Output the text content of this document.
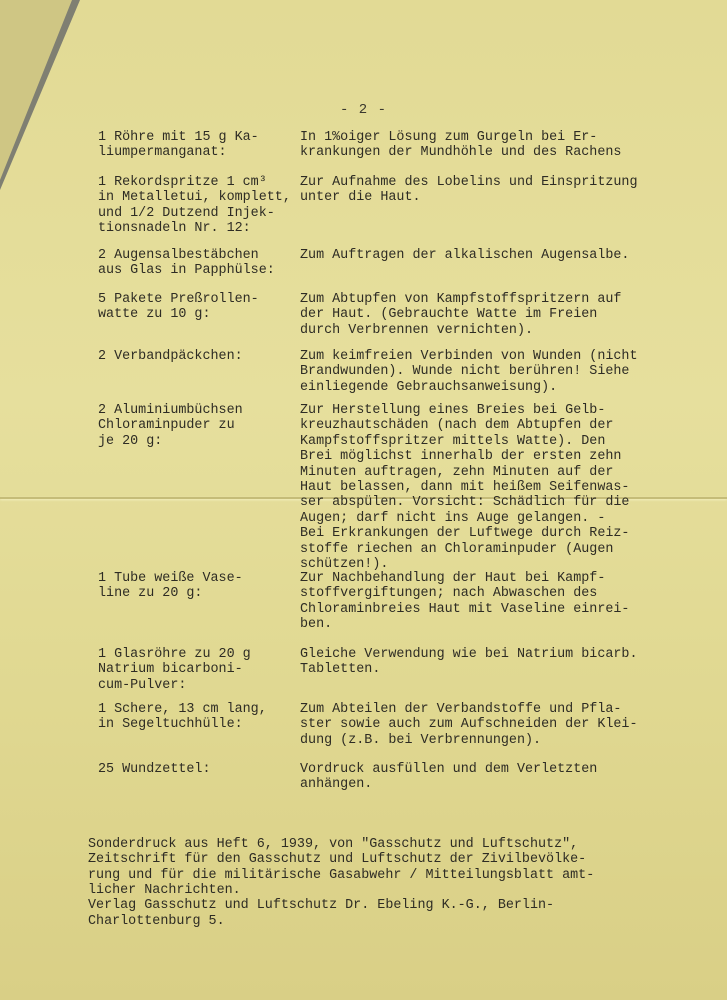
- 2 -
1 Röhre mit 15 g Ka-
liumpermanganat:
In 1%oiger Lösung zum Gurgeln bei Er-
krankungen der Mundhöhle und des Rachens
1 Rekordspritze 1 cm³
in Metalletui, komplett,
und 1/2 Dutzend Injek-
tionsnadeln Nr. 12:
Zur Aufnahme des Lobelins und Einspritzung
unter die Haut.
2 Augensalbestäbchen
aus Glas in Papphülse:
Zum Auftragen der alkalischen Augensalbe.
5 Pakete Preßrollen-
watte zu 10 g:
Zum Abtupfen von Kampfstoffspritzern auf
der Haut. (Gebrauchte Watte im Freien
durch Verbrennen vernichten).
2 Verbandpäckchen:	Zum keimfreien Verbinden von Wunden (nicht
Brandwunden). Wunde nicht berühren! Siehe
einliegende Gebrauchsanweisung).
2 Aluminiumbüchsen
Chloraminpuder zu
je 20 g:
Zur Herstellung eines Breies bei Gelb-
kreuzhautschäden (nach dem Abtupfen der
Kampfstoffspritzer mittels Watte). Den
Brei möglichst innerhalb der ersten zehn
Minuten auftragen, zehn Minuten auf der
Haut belassen, dann mit heißem Seifenwas-
ser abspülen. Vorsicht: Schädlich für die
Augen; darf nicht ins Auge gelangen. -
Bei Erkrankungen der Luftwege durch Reiz-
stoffe riechen an Chloraminpuder (Augen
schützen!).
1 Tube weiße Vase-
line zu 20 g:
Zur Nachbehandlung der Haut bei Kampf-
stoffvergiftungen; nach Abwaschen des
Chloraminbreies Haut mit Vaseline einrei-
ben.
1 Glasröhre zu 20 g
Natrium bicarboni-
cum-Pulver:
Gleiche Verwendung wie bei Natrium bicarb.
Tabletten.
1 Schere, 13 cm lang,
in Segeltuchhülle:
Zum Abteilen der Verbandstoffe und Pfla-
ster sowie auch zum Aufschneiden der Klei-
dung (z.B. bei Verbrennungen).
25 Wundzettel:	Vordruck ausfüllen und dem Verletzten
anhängen.

Sonderdruck aus Heft 6, 1939, von "Gasschutz und Luftschutz",
Zeitschrift für den Gasschutz und Luftschutz der Zivilbevölke-
rung und für die militärische Gasabwehr / Mitteilungsblatt amt-
licher Nachrichten.
Verlag Gasschutz und Luftschutz Dr. Ebeling K.-G., Berlin-
Charlottenburg 5.
